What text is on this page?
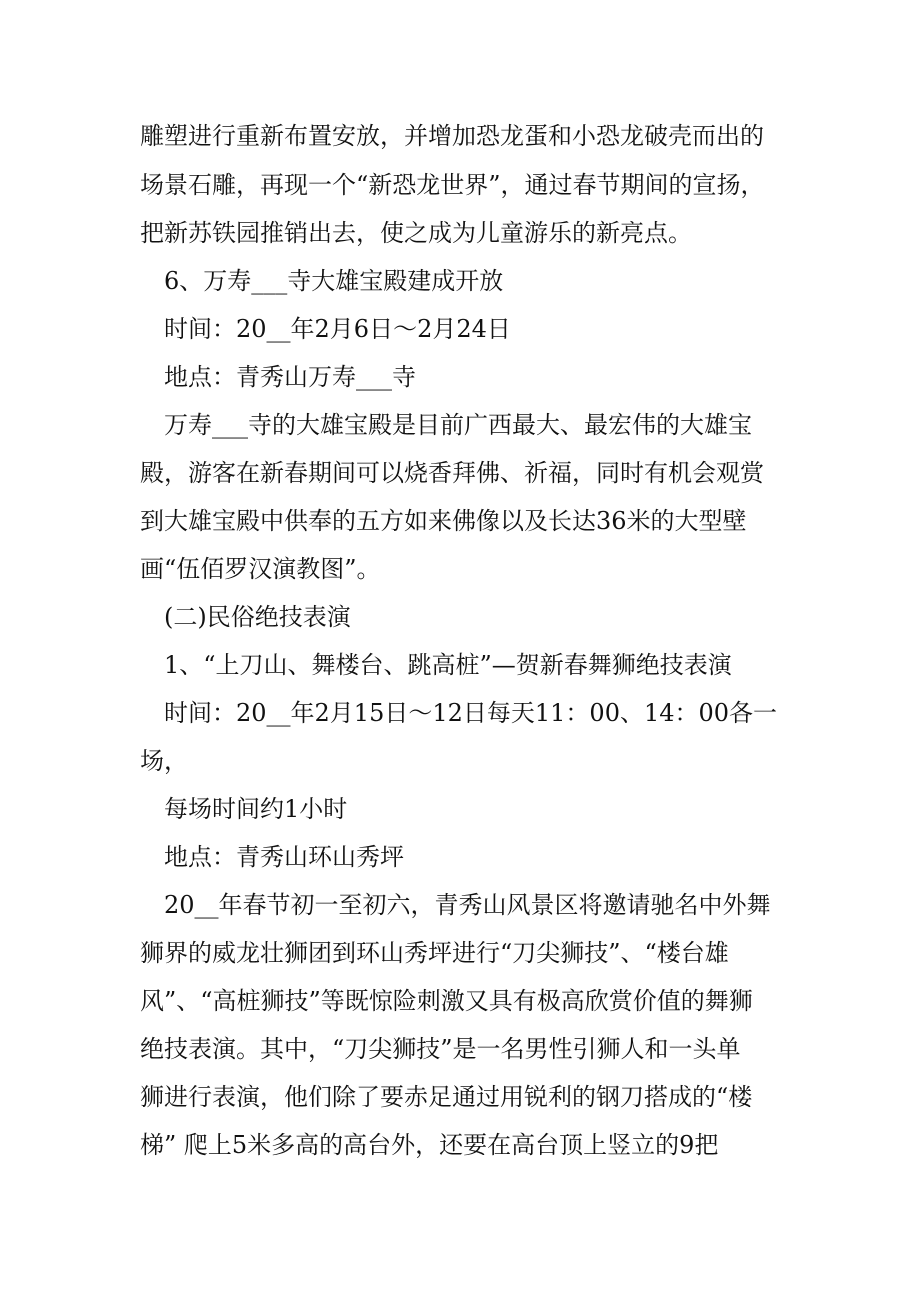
雕塑进行重新布置安放，并增加恐龙蛋和小恐龙破壳而出的
场景石雕，再现一个“新恐龙世界”，通过春节期间的宣扬，
把新苏铁园推销出去，使之成为儿童游乐的新亮点。
6、万寿___寺大雄宝殿建成开放
时间：20__年2月6日～2月24日
地点：青秀山万寿___寺
万寿___寺的大雄宝殿是目前广西最大、最宏伟的大雄宝
殿，游客在新春期间可以烧香拜佛、祈福，同时有机会观赏
到大雄宝殿中供奉的五方如来佛像以及长达36米的大型壁
画“伍佰罗汉演教图”。
(二)民俗绝技表演
1、“上刀山、舞楼台、跳高桩”—贺新春舞狮绝技表演
时间：20__年2月15日～12日每天11：00、14：00各一
场，
每场时间约1小时
地点：青秀山环山秀坪
20__年春节初一至初六，青秀山风景区将邀请驰名中外舞
狮界的威龙壮狮团到环山秀坪进行“刀尖狮技”、“楼台雄
风”、“高桩狮技”等既惊险刺激又具有极高欣赏价值的舞狮
绝技表演。其中，“刀尖狮技”是一名男性引狮人和一头单
狮进行表演，他们除了要赤足通过用锐利的钢刀搭成的“楼
梯” 爬上5米多高的高台外，还要在高台顶上竖立的9把
